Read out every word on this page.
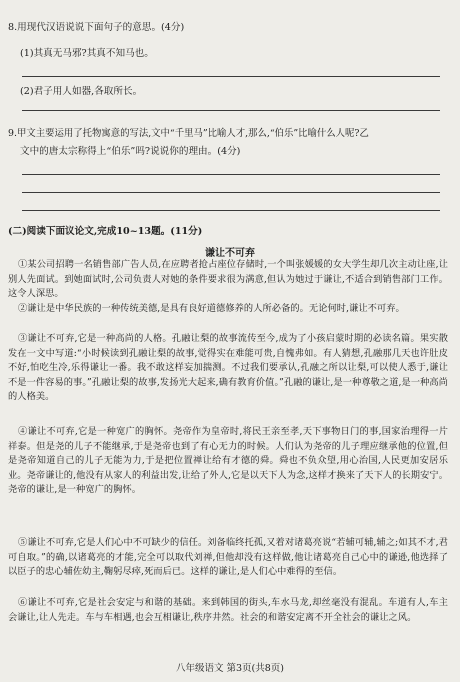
8.用现代汉语说说下面句子的意思。(4分)
(1)其真无马邪?其真不知马也。
(2)君子用人如器,各取所长。
9.甲文主要运用了托物寓意的写法,文中“千里马”比喻人才,那么,“伯乐”比喻什么人呢?乙
文中的唐太宗称得上“伯乐”吗?说说你的理由。(4分)
(二)阅读下面议论文,完成10~13题。(11分)
谦让不可弃
①某公司招聘一名销售部广告人员,在应聘者抢占座位存储时,一个叫张媛媛的女大学生却几次主动让座,让别人先面试。到她面试时,公司负责人对她的条件要求很为满意,但认为她过于谦让,不适合到销售部门工作。这令人深思。
②谦让是中华民族的一种传统美德,是具有良好道德修养的人所必备的。无论何时,谦让不可弃。
③谦让不可弃,它是一种高尚的人格。孔融让梨的故事流传至今,成为了小孩启蒙时期的必读名篇。果实散发在一文中写道:“小时候读到孔融让梨的故事,觉得实在难能可贵,自愧弗如。有人猜想,孔融那几天也许肚皮不好,怕吃生冷,乐得谦让一番。我不敢这样妄加揣测。不过我们要承认,孔融之所以让梨,可以使人悉于,谦让不是一件容易的事。”孔融让梨的故事,发扬光大起来,确有教育价值。”孔融的谦让,是一种尊敬之道,是一种高尚的人格美。
④谦让不可弃,它是一种宽广的胸怀。尧帝作为皇帝时,将民王亲至孝,天下事物日门的事,国家治理得一片祥泰。但是尧的儿子不能继承,于是尧帝也到了有心无力的时候。人们认为尧帝的儿子理应继承他的位置,但是尧帝知道自己的儿子无能为力,于是把位置禅让给有才德的舜。舜也不负众望,用心治国,人民更加安居乐业。尧帝谦让的,他没有从家人的利益出发,让给了外人,它是以天下人为念,这样才换来了天下人的长期安宁。尧帝的谦让,是一种宽广的胸怀。
⑤谦让不可弃,它是人们心中不可缺少的信任。刘备临终托孤,又着对诸葛亮说“若辅可辅,辅之;如其不才,君可自取。”的确,以诸葛亮的才能,完全可以取代刘禅,但他却没有这样做,他让诸葛亮自己心中的谦逊,他选择了以臣子的忠心辅佐幼主,鞠躬尽瘁,死而后已。这样的谦让,是人们心中难得的至信。
⑥谦让不可弃,它是社会安定与和谐的基础。来到韩国的街头,车水马龙,却丝毫没有混乱。车道有人,车主会谦让,让人先走。车与车相遇,也会互相谦让,秩序井然。社会的和谐安定离不开全社会的谦让之风。
八年级语文 第3页(共8页)
